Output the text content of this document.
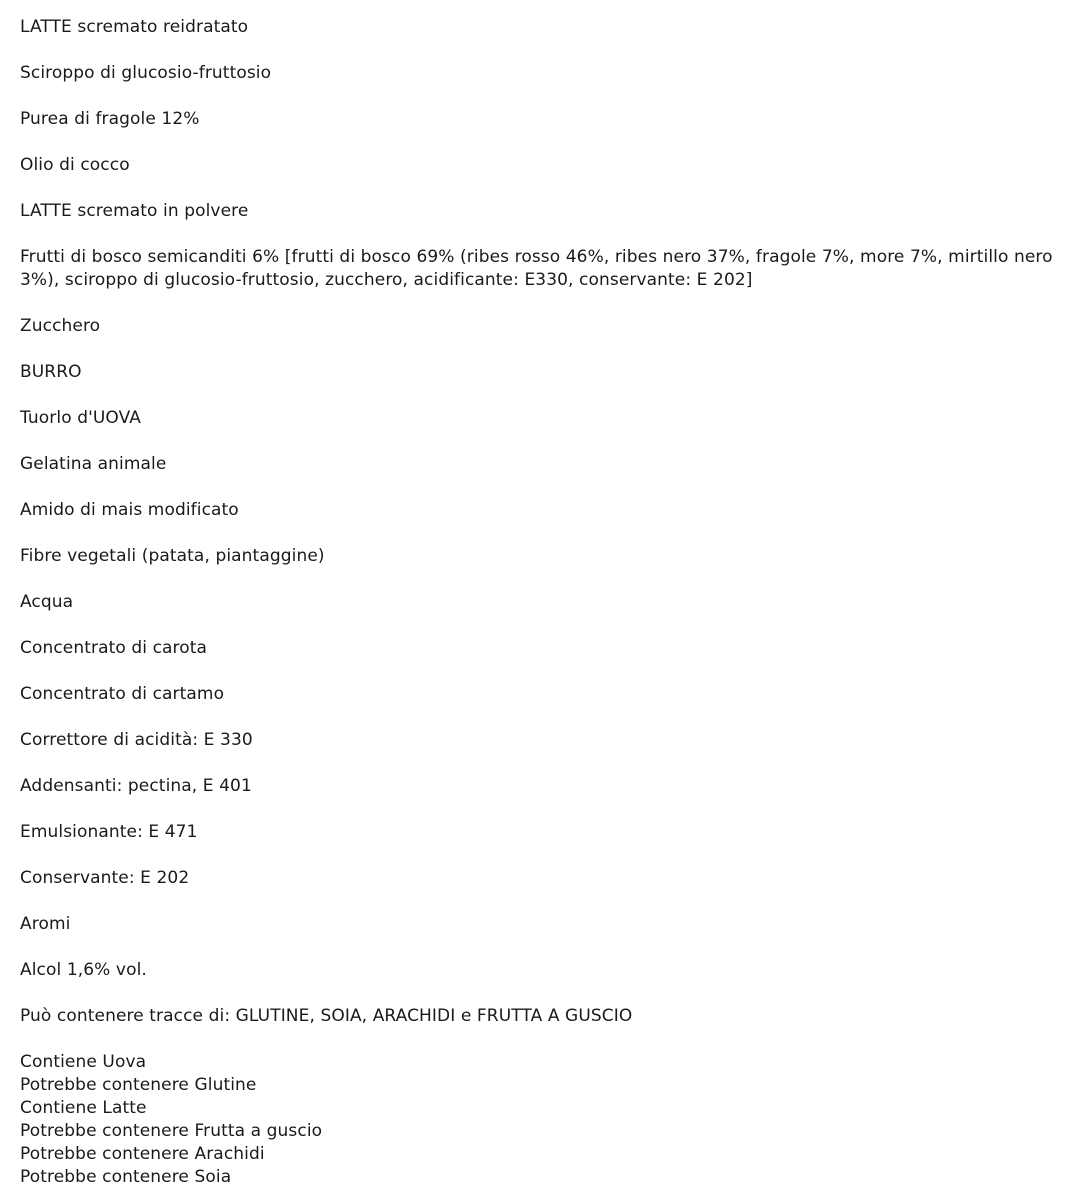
LATTE scremato reidratato
Sciroppo di glucosio-fruttosio
Purea di fragole 12%
Olio di cocco
LATTE scremato in polvere
Frutti di bosco semicanditi 6% [frutti di bosco 69% (ribes rosso 46%, ribes nero 37%, fragole 7%, more 7%, mirtillo nero 3%), sciroppo di glucosio-fruttosio, zucchero, acidificante: E330, conservante: E 202]
Zucchero
BURRO
Tuorlo d'UOVA
Gelatina animale
Amido di mais modificato
Fibre vegetali (patata, piantaggine)
Acqua
Concentrato di carota
Concentrato di cartamo
Correttore di acidità: E 330
Addensanti: pectina, E 401
Emulsionante: E 471
Conservante: E 202
Aromi
Alcol 1,6% vol.
Può contenere tracce di: GLUTINE, SOIA, ARACHIDI e FRUTTA A GUSCIO
Contiene Uova
Potrebbe contenere Glutine
Contiene Latte
Potrebbe contenere Frutta a guscio
Potrebbe contenere Arachidi
Potrebbe contenere Soia
